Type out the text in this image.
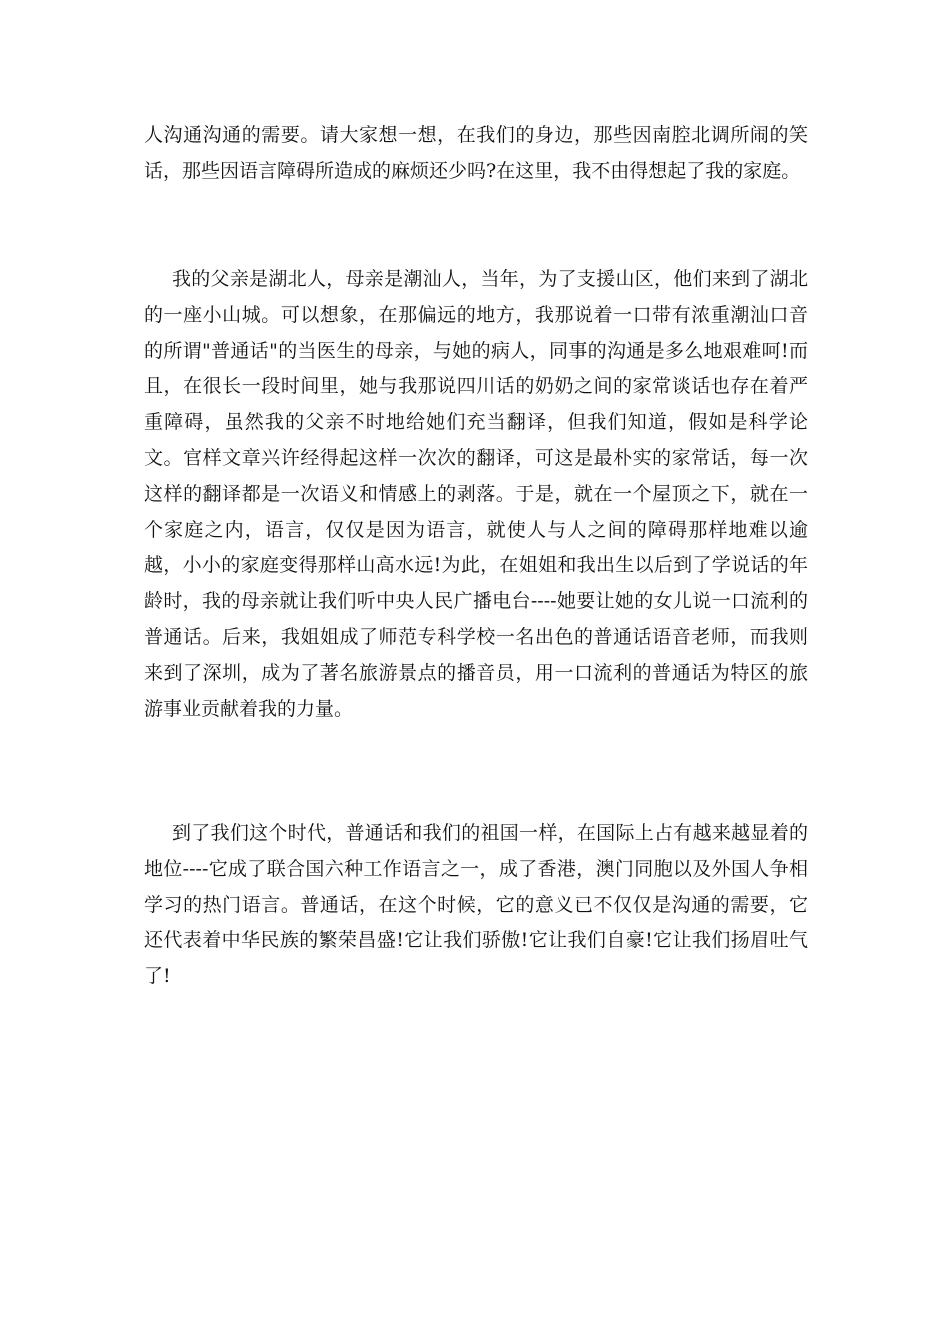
人沟通沟通的需要。请大家想一想，在我们的身边，那些因南腔北调所闹的笑话，那些因语言障碍所造成的麻烦还少吗?在这里，我不由得想起了我的家庭。

我的父亲是湖北人，母亲是潮汕人，当年，为了支援山区，他们来到了湖北的一座小山城。可以想象，在那偏远的地方，我那说着一口带有浓重潮汕口音的所谓"普通话"的当医生的母亲，与她的病人，同事的沟通是多么地艰难呵!而且，在很长一段时间里，她与我那说四川话的奶奶之间的家常谈话也存在着严重障碍，虽然我的父亲不时地给她们充当翻译，但我们知道，假如是科学论文。官样文章兴许经得起这样一次次的翻译，可这是最朴实的家常话，每一次这样的翻译都是一次语义和情感上的剥落。于是，就在一个屋顶之下，就在一个家庭之内，语言，仅仅是因为语言，就使人与人之间的障碍那样地难以逾越，小小的家庭变得那样山高水远!为此，在姐姐和我出生以后到了学说话的年龄时，我的母亲就让我们听中央人民广播电台----她要让她的女儿说一口流利的普通话。后来，我姐姐成了师范专科学校一名出色的普通话语音老师，而我则来到了深圳，成为了著名旅游景点的播音员，用一口流利的普通话为特区的旅游事业贡献着我的力量。

到了我们这个时代，普通话和我们的祖国一样，在国际上占有越来越显着的地位----它成了联合国六种工作语言之一，成了香港，澳门同胞以及外国人争相学习的热门语言。普通话，在这个时候，它的意义已不仅仅是沟通的需要，它还代表着中华民族的繁荣昌盛!它让我们骄傲!它让我们自豪!它让我们扬眉吐气了!
